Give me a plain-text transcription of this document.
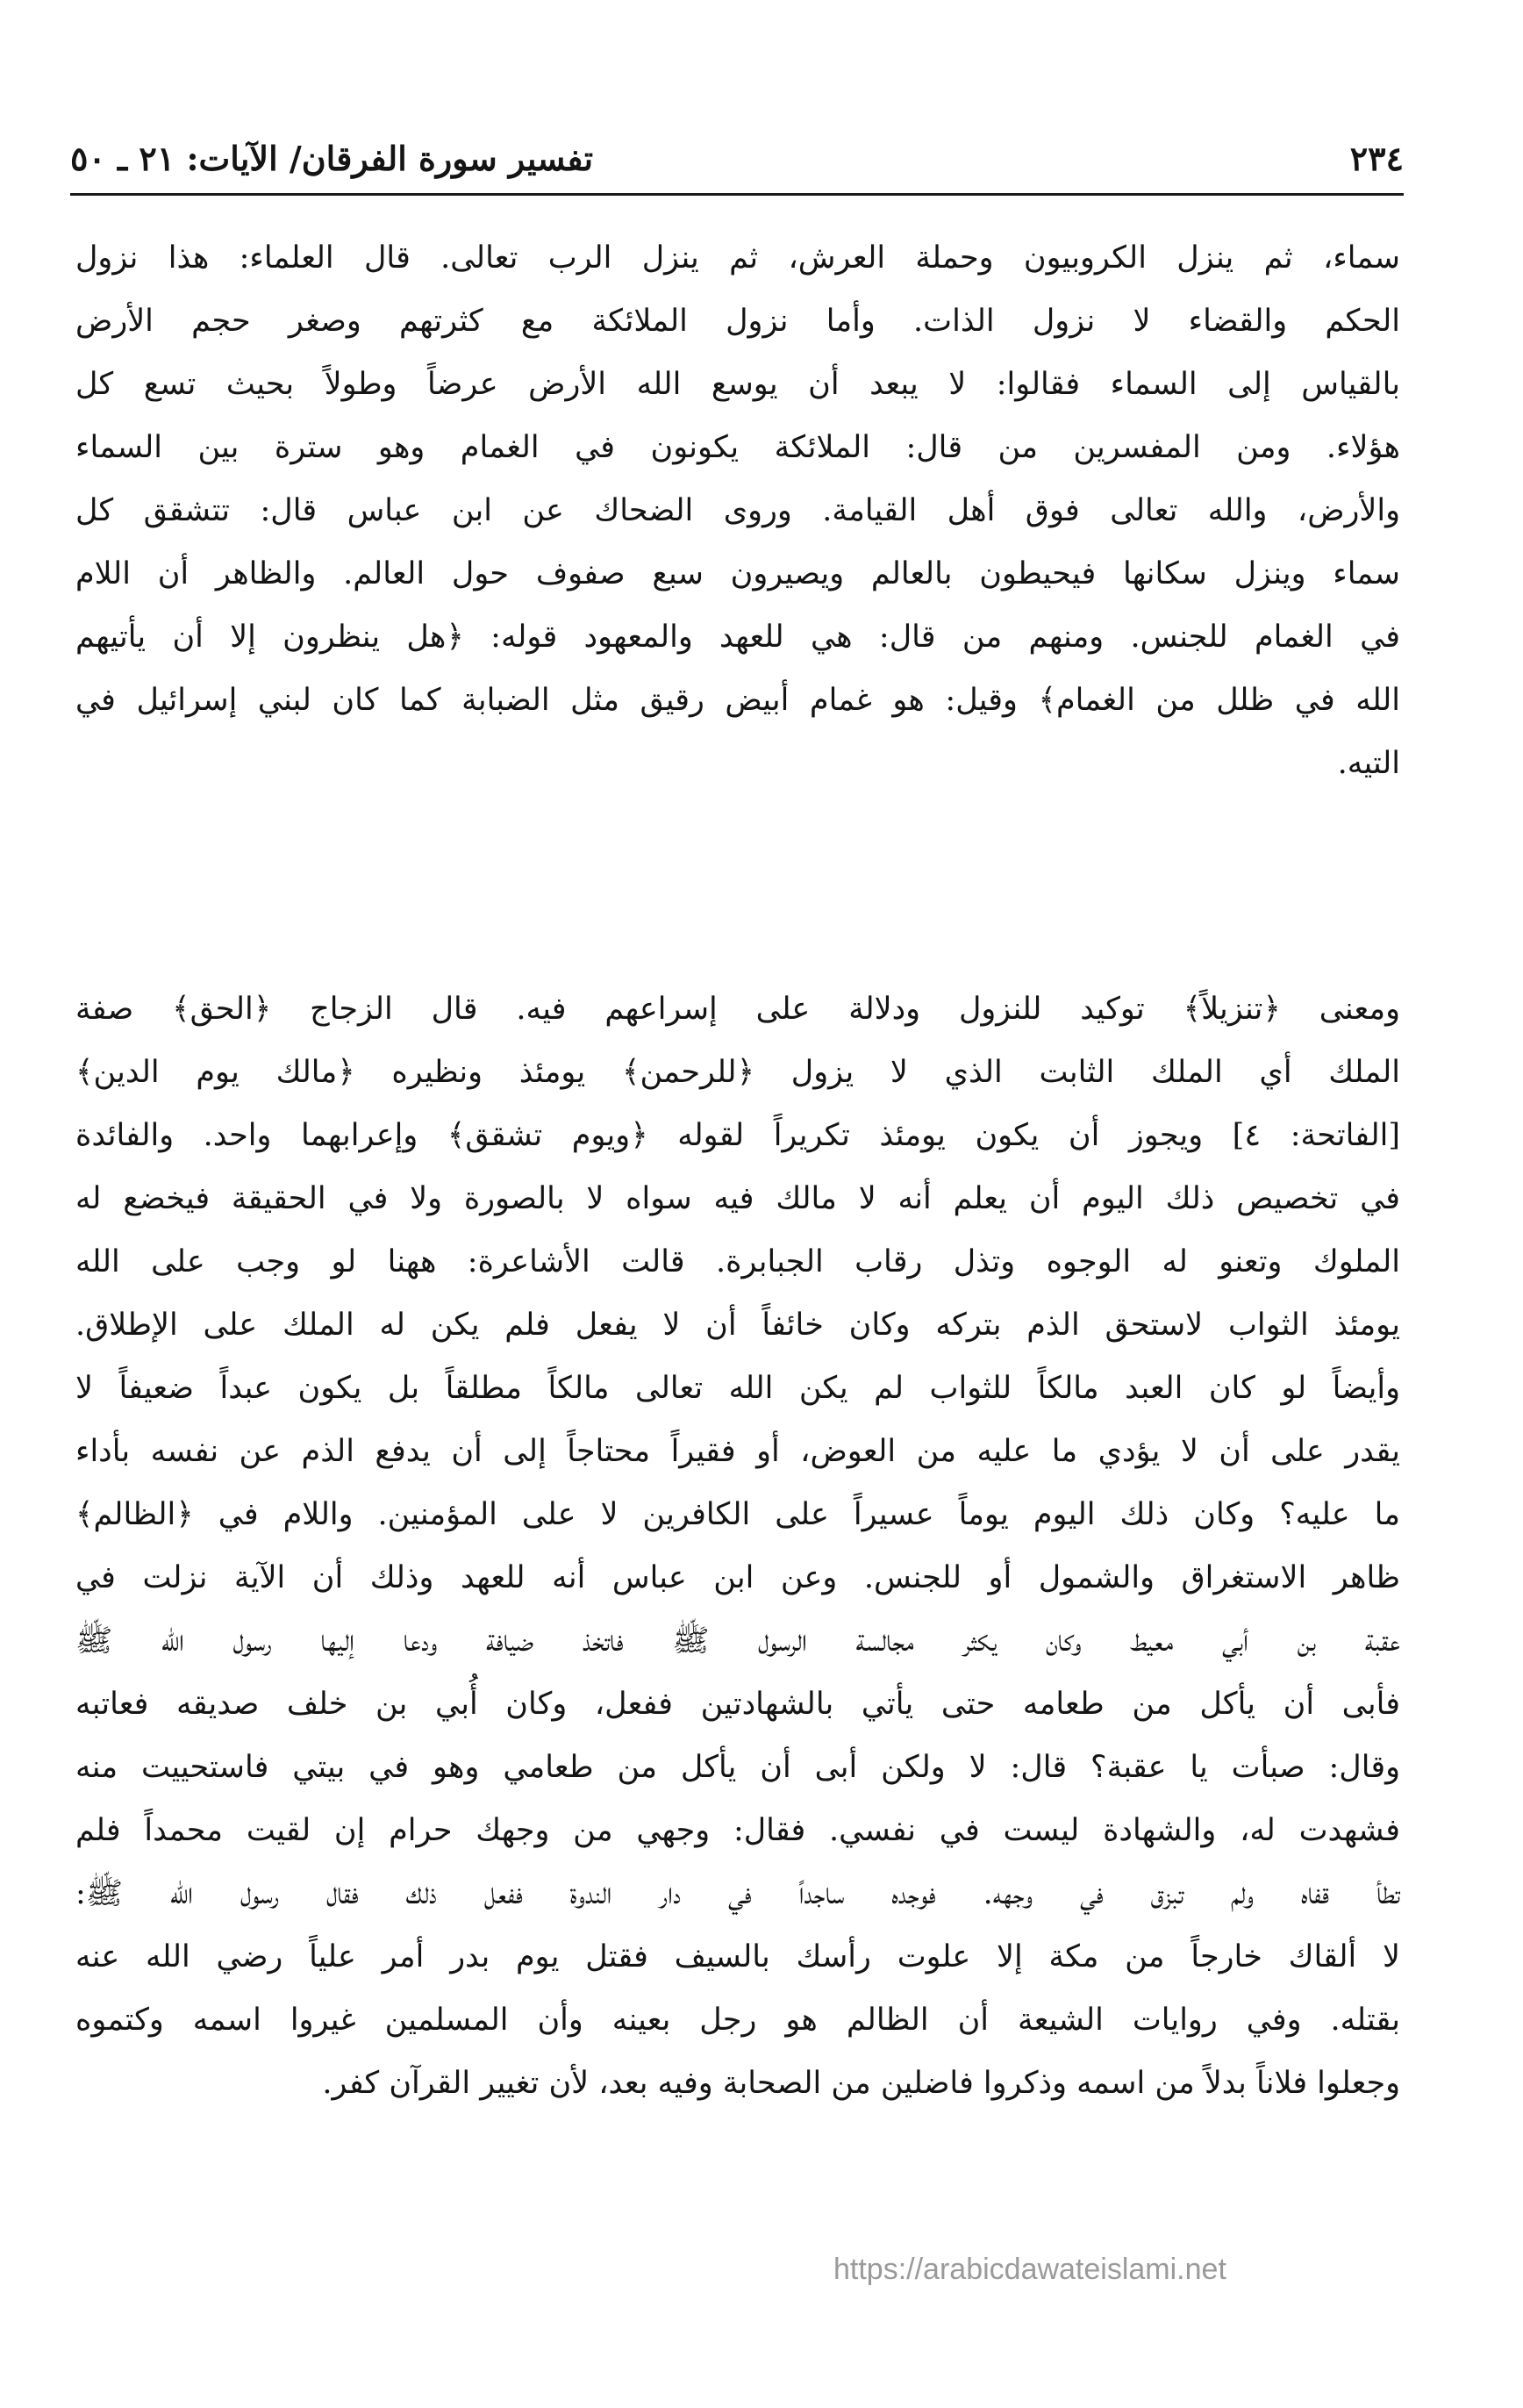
٢٣٤
تفسير سورة الفرقان/ الآيات: ٢١ ـ ٥٠
سماء، ثم ينزل الكروبيون وحملة العرش، ثم ينزل الرب تعالى. قال العلماء: هذا نزول
الحكم والقضاء لا نزول الذات. وأما نزول الملائكة مع كثرتهم وصغر حجم الأرض
بالقياس إلى السماء فقالوا: لا يبعد أن يوسع الله الأرض عرضاً وطولاً بحيث تسع كل
هؤلاء. ومن المفسرين من قال: الملائكة يكونون في الغمام وهو سترة بين السماء
والأرض، والله تعالى فوق أهل القيامة. وروى الضحاك عن ابن عباس قال: تتشقق كل
سماء وينزل سكانها فيحيطون بالعالم ويصيرون سبع صفوف حول العالم. والظاهر أن اللام
في الغمام للجنس. ومنهم من قال: هي للعهد والمعهود قوله: ﴿هل ينظرون إلا أن يأتيهم
الله في ظلل من الغمام﴾ وقيل: هو غمام أبيض رقيق مثل الضبابة كما كان لبني إسرائيل في
التيه.
ومعنى ﴿تنزيلاً﴾ توكيد للنزول ودلالة على إسراعهم فيه. قال الزجاج ﴿الحق﴾ صفة
الملك أي الملك الثابت الذي لا يزول ﴿للرحمن﴾ يومئذ ونظيره ﴿مالك يوم الدين﴾
[الفاتحة: ٤] ويجوز أن يكون يومئذ تكريراً لقوله ﴿ويوم تشقق﴾ وإعرابهما واحد. والفائدة
في تخصيص ذلك اليوم أن يعلم أنه لا مالك فيه سواه لا بالصورة ولا في الحقيقة فيخضع له
الملوك وتعنو له الوجوه وتذل رقاب الجبابرة. قالت الأشاعرة: ههنا لو وجب على الله
يومئذ الثواب لاستحق الذم بتركه وكان خائفاً أن لا يفعل فلم يكن له الملك على الإطلاق.
وأيضاً لو كان العبد مالكاً للثواب لم يكن الله تعالى مالكاً مطلقاً بل يكون عبداً ضعيفاً لا
يقدر على أن لا يؤدي ما عليه من العوض، أو فقيراً محتاجاً إلى أن يدفع الذم عن نفسه بأداء
ما عليه؟ وكان ذلك اليوم يوماً عسيراً على الكافرين لا على المؤمنين. واللام في ﴿الظالم﴾
ظاهر الاستغراق والشمول أو للجنس. وعن ابن عباس أنه للعهد وذلك أن الآية نزلت في
عقبة بن أبي معيط وكان يكثر مجالسة الرسول ﷺ فاتخذ ضيافة ودعا إليها رسول الله ﷺ
فأبى أن يأكل من طعامه حتى يأتي بالشهادتين ففعل، وكان أُبي بن خلف صديقه فعاتبه
وقال: صبأت يا عقبة؟ قال: لا ولكن أبى أن يأكل من طعامي وهو في بيتي فاستحييت منه
فشهدت له، والشهادة ليست في نفسي. فقال: وجهي من وجهك حرام إن لقيت محمداً فلم
تطأ قفاه ولم تبزق في وجهه. فوجده ساجداً في دار الندوة ففعل ذلك فقال رسول الله ﷺ:
لا ألقاك خارجاً من مكة إلا علوت رأسك بالسيف فقتل يوم بدر أمر علياً رضي الله عنه
بقتله. وفي روايات الشيعة أن الظالم هو رجل بعينه وأن المسلمين غيروا اسمه وكتموه
وجعلوا فلاناً بدلاً من اسمه وذكروا فاضلين من الصحابة وفيه بعد، لأن تغيير القرآن كفر.
https://arabicdawateislami.net
